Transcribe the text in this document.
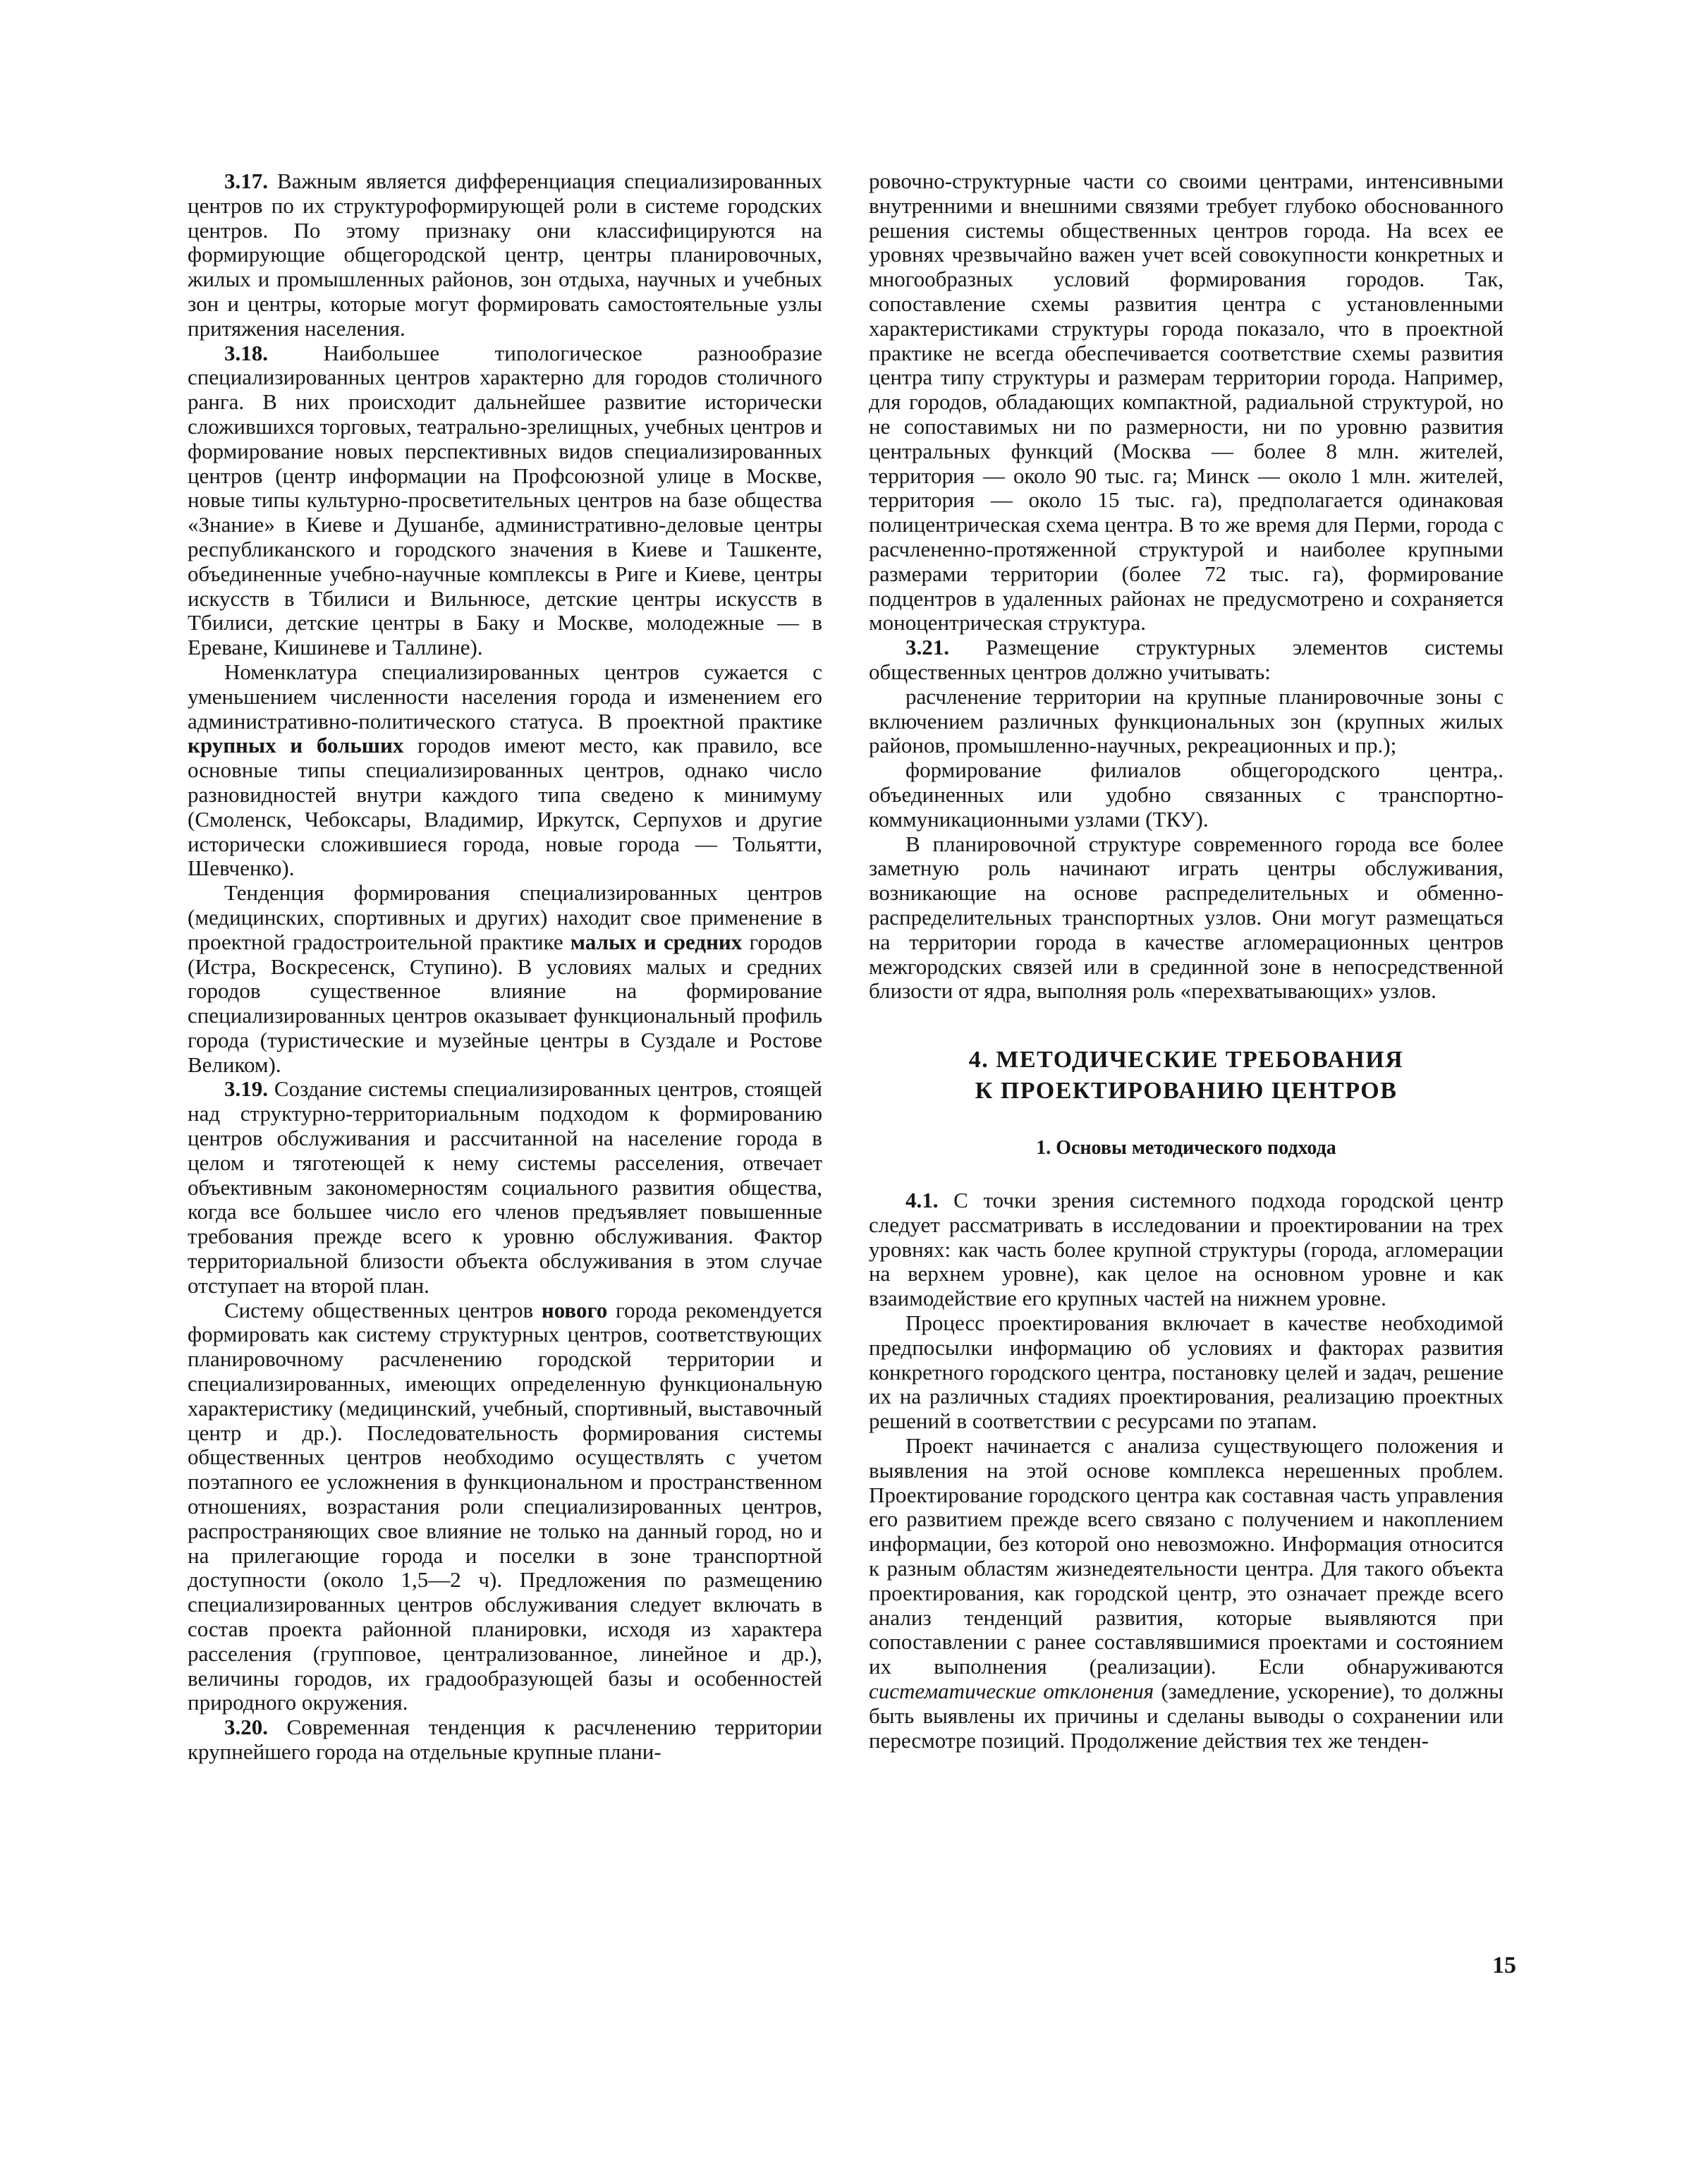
3.17. Важным является дифференциация специализированных центров по их структуроформирующей роли в системе городских центров. По этому признаку они классифицируются на формирующие общегородской центр, центры планировочных, жилых и промышленных районов, зон отдыха, научных и учебных зон и центры, которые могут формировать самостоятельные узлы притяжения населения.

3.18. Наибольшее типологическое разнообразие специализированных центров характерно для городов столичного ранга. В них происходит дальнейшее развитие исторически сложившихся торговых, театрально-зрелищных, учебных центров и формирование новых перспективных видов специализированных центров (центр информации на Профсоюзной улице в Москве, новые типы культурно-просветительных центров на базе общества «Знание» в Киеве и Душанбе, административно-деловые центры республиканского и городского значения в Киеве и Ташкенте, объединенные учебно-научные комплексы в Риге и Киеве, центры искусств в Тбилиси и Вильнюсе, детские центры искусств в Тбилиси, детские центры в Баку и Москве, молодежные — в Ереване, Кишиневе и Таллине).

Номенклатура специализированных центров сужается с уменьшением численности населения города и изменением его административно-политического статуса. В проектной практике крупных и больших городов имеют место, как правило, все основные типы специализированных центров, однако число разновидностей внутри каждого типа сведено к минимуму (Смоленск, Чебоксары, Владимир, Иркутск, Серпухов и другие исторически сложившиеся города, новые города — Тольятти, Шевченко).

Тенденция формирования специализированных центров (медицинских, спортивных и других) находит свое применение в проектной градостроительной практике малых и средних городов (Истра, Воскресенск, Ступино). В условиях малых и средних городов существенное влияние на формирование специализированных центров оказывает функциональный профиль города (туристические и музейные центры в Суздале и Ростове Великом).

3.19. Создание системы специализированных центров, стоящей над структурно-территориальным подходом к формированию центров обслуживания и рассчитанной на население города в целом и тяготеющей к нему системы расселения, отвечает объективным закономерностям социального развития общества, когда все большее число его членов предъявляет повышенные требования прежде всего к уровню обслуживания. Фактор территориальной близости объекта обслуживания в этом случае отступает на второй план.

Систему общественных центров нового города рекомендуется формировать как систему структурных центров, соответствующих планировочному расчленению городской территории и специализированных, имеющих определенную функциональную характеристику (медицинский, учебный, спортивный, выставочный центр и др.). Последовательность формирования системы общественных центров необходимо осуществлять с учетом поэтапного ее усложнения в функциональном и пространственном отношениях, возрастания роли специализированных центров, распространяющих свое влияние не только на данный город, но и на прилегающие города и поселки в зоне транспортной доступности (около 1,5—2 ч). Предложения по размещению специализированных центров обслуживания следует включать в состав проекта районной планировки, исходя из характера расселения (групповое, централизованное, линейное и др.), величины городов, их градообразующей базы и особенностей природного окружения.

3.20. Современная тенденция к расчленению территории крупнейшего города на отдельные крупные плани-

ровочно-структурные части со своими центрами, интенсивными внутренними и внешними связями требует глубоко обоснованного решения системы общественных центров города. На всех ее уровнях чрезвычайно важен учет всей совокупности конкретных и многообразных условий формирования городов. Так, сопоставление схемы развития центра с установленными характеристиками структуры города показало, что в проектной практике не всегда обеспечивается соответствие схемы развития центра типу структуры и размерам территории города. Например, для городов, обладающих компактной, радиальной структурой, но не сопоставимых ни по размерности, ни по уровню развития центральных функций (Москва — более 8 млн. жителей, территория — около 90 тыс. га; Минск — около 1 млн. жителей, территория — около 15 тыс. га), предполагается одинаковая полицентрическая схема центра. В то же время для Перми, города с расчлененно-протяженной структурой и наиболее крупными размерами территории (более 72 тыс. га), формирование подцентров в удаленных районах не предусмотрено и сохраняется моноцентрическая структура.

3.21. Размещение структурных элементов системы общественных центров должно учитывать:

расчленение территории на крупные планировочные зоны с включением различных функциональных зон (крупных жилых районов, промышленно-научных, рекреационных и пр.);

формирование филиалов общегородского центра,. объединенных или удобно связанных с транспортно-коммуникационными узлами (ТКУ).

В планировочной структуре современного города все более заметную роль начинают играть центры обслуживания, возникающие на основе распределительных и обменно-распределительных транспортных узлов. Они могут размещаться на территории города в качестве агломерационных центров межгородских связей или в срединной зоне в непосредственной близости от ядра, выполняя роль «перехватывающих» узлов.

4. МЕТОДИЧЕСКИЕ ТРЕБОВАНИЯ
К ПРОЕКТИРОВАНИЮ ЦЕНТРОВ
1. Основы методического подхода

4.1. С точки зрения системного подхода городской центр следует рассматривать в исследовании и проектировании на трех уровнях: как часть более крупной структуры (города, агломерации на верхнем уровне), как целое на основном уровне и как взаимодействие его крупных частей на нижнем уровне.

Процесс проектирования включает в качестве необходимой предпосылки информацию об условиях и факторах развития конкретного городского центра, постановку целей и задач, решение их на различных стадиях проектирования, реализацию проектных решений в соответствии с ресурсами по этапам.

Проект начинается с анализа существующего положения и выявления на этой основе комплекса нерешенных проблем. Проектирование городского центра как составная часть управления его развитием прежде всего связано с получением и накоплением информации, без которой оно невозможно. Информация относится к разным областям жизнедеятельности центра. Для такого объекта проектирования, как городской центр, это означает прежде всего анализ тенденций развития, которые выявляются при сопоставлении с ранее составлявшимися проектами и состоянием их выполнения (реализации). Если обнаруживаются систематические отклонения (замедление, ускорение), то должны быть выявлены их причины и сделаны выводы о сохранении или пересмотре позиций. Продолжение действия тех же тенден-

15
